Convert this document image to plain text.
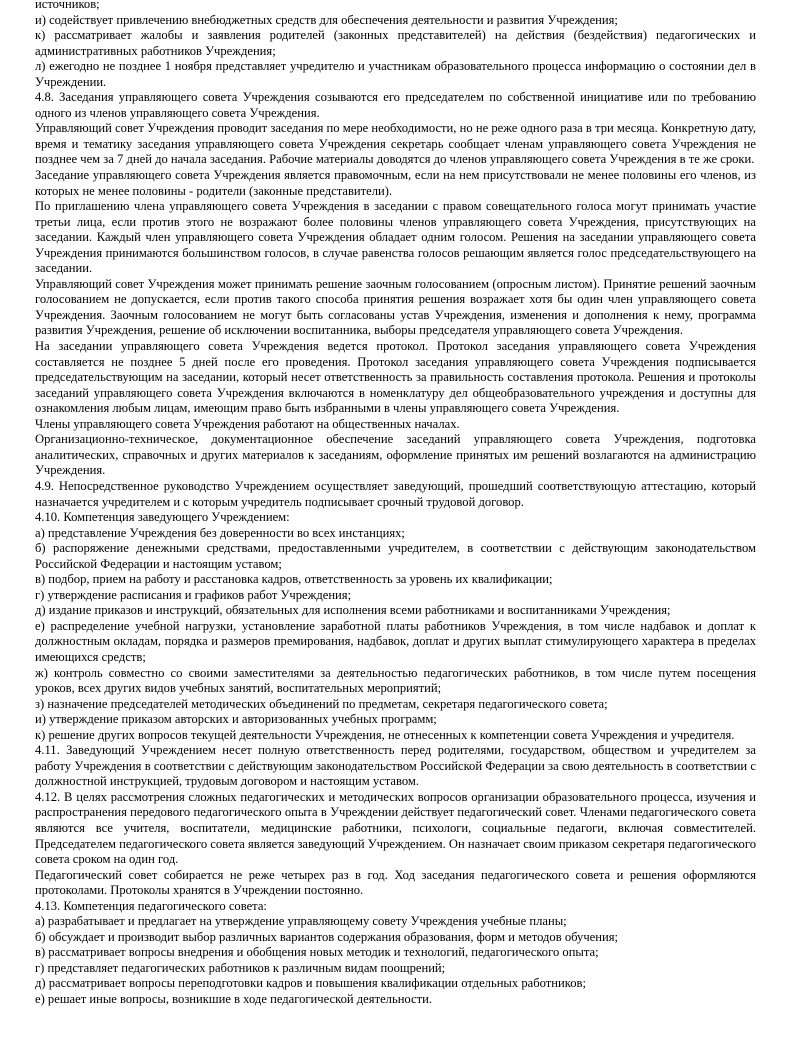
источников;

и) содействует привлечению внебюджетных средств для обеспечения деятельности и развития Учреждения;

к) рассматривает жалобы и заявления родителей (законных представителей) на действия (бездействия) педагогических и административных работников Учреждения;

л) ежегодно не позднее 1 ноября представляет учредителю и участникам образовательного процесса информацию о состоянии дел в Учреждении.

4.8. Заседания управляющего совета Учреждения созываются его председателем по собственной инициативе или по требованию одного из членов управляющего совета Учреждения.

Управляющий совет Учреждения проводит заседания по мере необходимости, но не реже одного раза в три месяца. Конкретную дату, время и тематику заседания управляющего совета Учреждения секретарь сообщает членам управляющего совета Учреждения не позднее чем за 7 дней до начала заседания. Рабочие материалы доводятся до членов управляющего совета Учреждения в те же сроки.

Заседание управляющего совета Учреждения является правомочным, если на нем присутствовали не менее половины его членов, из которых не менее половины - родители (законные представители).

По приглашению члена управляющего совета Учреждения в заседании с правом совещательного голоса могут принимать участие третьи лица, если против этого не возражают более половины членов управляющего совета Учреждения, присутствующих на заседании. Каждый член управляющего совета Учреждения обладает одним голосом. Решения на заседании управляющего совета Учреждения принимаются большинством голосов, в случае равенства голосов решающим является голос председательствующего на заседании.

Управляющий совет Учреждения может принимать решение заочным голосованием (опросным листом). Принятие решений заочным голосованием не допускается, если против такого способа принятия решения возражает хотя бы один член управляющего совета Учреждения. Заочным голосованием не могут быть согласованы устав Учреждения, изменения и дополнения к нему, программа развития Учреждения, решение об исключении воспитанника, выборы председателя управляющего совета Учреждения.

На заседании управляющего совета Учреждения ведется протокол. Протокол заседания управляющего совета Учреждения составляется не позднее 5 дней после его проведения. Протокол заседания управляющего совета Учреждения подписывается председательствующим на заседании, который несет ответственность за правильность составления протокола. Решения и протоколы заседаний управляющего совета Учреждения включаются в номенклатуру дел общеобразовательного учреждения и доступны для ознакомления любым лицам, имеющим право быть избранными в члены управляющего совета Учреждения.

Члены управляющего совета Учреждения работают на общественных началах.

Организационно-техническое, документационное обеспечение заседаний управляющего совета Учреждения, подготовка аналитических, справочных и других материалов к заседаниям, оформление принятых им решений возлагаются на администрацию Учреждения.

4.9. Непосредственное руководство Учреждением осуществляет заведующий, прошедший соответствующую аттестацию, который назначается учредителем и с которым учредитель подписывает срочный трудовой договор.

4.10. Компетенция заведующего Учреждением:

а) представление Учреждения без доверенности во всех инстанциях;

б) распоряжение денежными средствами, предоставленными учредителем, в соответствии с действующим законодательством Российской Федерации и настоящим уставом;

в) подбор, прием на работу и расстановка кадров, ответственность за уровень их квалификации;

г) утверждение расписания и графиков работ Учреждения;

д) издание приказов и инструкций, обязательных для исполнения всеми работниками и воспитанниками Учреждения;

е) распределение учебной нагрузки, установление заработной платы работников Учреждения, в том числе надбавок и доплат к должностным окладам, порядка и размеров премирования, надбавок, доплат и других выплат стимулирующего характера в пределах имеющихся средств;

ж) контроль совместно со своими заместителями за деятельностью педагогических работников, в том числе путем посещения уроков, всех других видов учебных занятий, воспитательных мероприятий;

з) назначение председателей методических объединений по предметам, секретаря педагогического совета;

и) утверждение приказом авторских и авторизованных учебных программ;

к) решение других вопросов текущей деятельности Учреждения, не отнесенных к компетенции совета Учреждения и учредителя.

4.11. Заведующий Учреждением несет полную ответственность перед родителями, государством, обществом и учредителем за работу Учреждения в соответствии с действующим законодательством Российской Федерации за свою деятельность в соответствии с должностной инструкцией, трудовым договором и настоящим уставом.

4.12. В целях рассмотрения сложных педагогических и методических вопросов организации образовательного процесса, изучения и распространения передового педагогического опыта в Учреждении действует педагогический совет. Членами педагогического совета являются все учителя, воспитатели, медицинские работники, психологи, социальные педагоги, включая совместителей. Председателем педагогического совета является заведующий Учреждением. Он назначает своим приказом секретаря педагогического совета сроком на один год.

Педагогический совет собирается не реже четырех раз в год. Ход заседания педагогического совета и решения оформляются протоколами. Протоколы хранятся в Учреждении постоянно.

4.13. Компетенция педагогического совета:

а) разрабатывает и предлагает на утверждение управляющему совету Учреждения учебные планы;

б) обсуждает и производит выбор различных вариантов содержания образования, форм и методов обучения;

в) рассматривает вопросы внедрения и обобщения новых методик и технологий, педагогического опыта;

г) представляет педагогических работников к различным видам поощрений;

д) рассматривает вопросы переподготовки кадров и повышения квалификации отдельных работников;

е) решает иные вопросы, возникшие в ходе педагогической деятельности.
